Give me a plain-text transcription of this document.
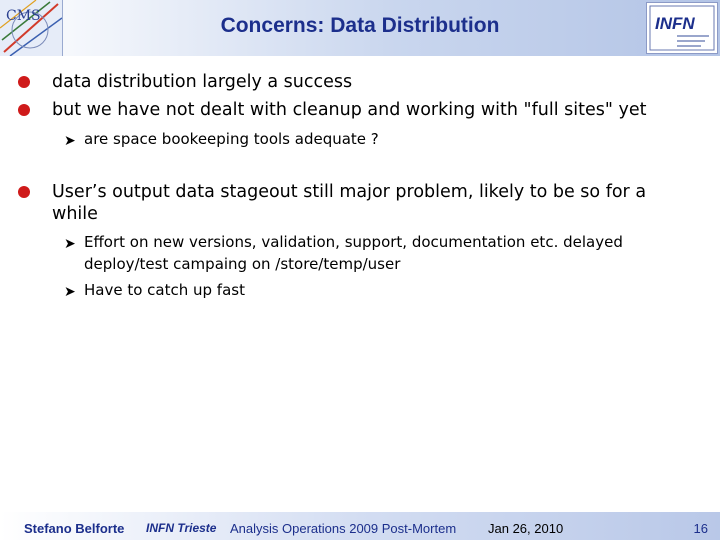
CMS	Concerns: Data Distribution	INFN
data distribution largely a success
but we have not dealt with cleanup and working with "full sites" yet
➤ are space bookeeping tools adequate ?
User’s output data stageout still major problem, likely to be so for a
while
➤ Effort on new versions, validation, support, documentation etc. delayed
deploy/test campaing on /store/temp/user
➤ Have to catch up fast
Stefano Belforte INFN Trieste Analysis Operations 2009 Post-Mortem Jan 26, 2010	16
